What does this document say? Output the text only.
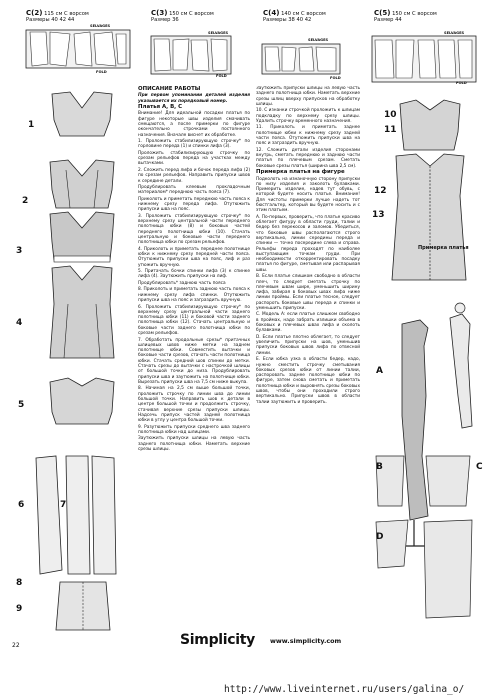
C(2) 115 см С ворсом
Размеры 40 42 44
C(3) 150 см С ворсом
Размер 36
C(4) 140 см С ворсом
Размеры 38 40 42
C(5) 150 см С ворсом
Размер 44
SELVAGES
FOLD
SELVAGES
FOLD
SELVAGES
FOLD
SELVAGES
FOLD
1
2
3
4
5
6	7
8
9
ОПИСАНИЕ РАБОТЫ

При первом упоминании деталей изделия указывается их порядковый номер.

Платья А, B, C

Внимание! Для идеальной посадки платья по фигуре некоторые швы изделия смачивать смещаются, а после примерки по фигуре окончательно строчками постоянного назначения. Вначале виснет их обработке.

1. Проложить стабилизирующую строчку* по горловине переда (1) и спинки лифа (3).

Проложить стабилизирующую строчку по срезам рельефов переда на участках между вытачками.

2. Сложить перед лифа и бочок переда лифа (2) по срезам рельефов. Направить припуски швов к середине детали.

Продублировать клеевым прокладочным материалом* переднюю часть пояса (7).

Приколоть и приметать переднюю часть пояса к нижнему срезу переда лифа. Отутюжить припуски шва на пояс.

3. Проложить стабилизирующую строчку* по верхнему срезу центральной части переднего полотнища юбки (8) и боковых частей переднего полотнища юбки (10). Стачать центральную и боковые части переднего полотнища юбки по срезам рельефов.

4. Приколоть и приметать переднее полотнище юбки к нижнему срезу передней части пояса. Отутюжить припуски шва на пояс, лиф и раз утюжить вручную.

5. Притачать бочки спинки лифа (3) к спинке лифа (4). Заутюжить припуски на лиф.

Продублировать* заднюю часть пояса

8. Приколоть и приметать заднюю часть пояса к нижнему срезу лифа спинки. Отутюжить припуски шва на пояс и заграздить вручную.

6. Проложить стабилизирующую строчку* по верхнему срезу центральной части заднего полотнища юбки (11) и боковой части заднего полотнища юбки (12). Стачать центральную и боковые части заднего полотнища юбки по срезам рельефов.

7. Обработать продольные срезы* притачных шлицевых швов ниже метки на заднем полотнище юбки. Совместить вытачки и боковые части срезов, стачать части полотнища юбки. Стачать средний шов спинки до метки. Стачать срезы до вытачки с настрочкой шлицы от большой точки до низа. Продублировать припуски шва и заутюжить на полотнище юбки. Вырезать припуски шва на 7,5 см ниже выкупа.

8. Начиная на 2,5 см выше большой точки, проложить строчку по линии шва до линии большой точки. Направить шов к детали в центре большой точки и продолжить строчку, стачивая верхние срезы припуски шлицы. Надсечь припуск частей задней полотнища юбки в углу у центра большой точки.

9. Разутюжить припуски среднего шва заднего полотнища юбки над шлицами.

Заутюжить припуски шлицы на левую часть заднего полотнища юбки. Наметать верхние срезы шлицы.

Заутюжить припуски шлицы на левую часть заднего полотнища юбки. Наметать верхние срезы шлиц вверху припусков на обработку шлицы.

10. С изнанки строчкой проложить к шлицам подкладку по верхнему срезу шлицы. Удалить строчку временного назначения.

11. Приколоть и приметать заднее полотнище юбки к нижнему срезу задней части пояса. Отутюжить припуски шва на пояс и заграздить вручную.

12. Сложить детали изделия сторонами внутрь, сметать переднюю и заднюю части платья по плечевым срезам. Сметать боковые срезы платья (ширина шва 2,5 см).

Примерка платья на фигуре

Подколоть на изнаночную сторону припуски по низу изделия и заколоть булавками. Примерить изделие, надев тут обувь, с которой будете носить платье. Внимание! Для чистоты примерки лучше надеть тот бюстгальтер, который вы будете носить и с этим платьем.

А. По-первых, проверить, что платье красиво облегает фигуру в области груди, талии и бедер без перекосов и заломов. Убедиться, что боковые швы располагаются строго вертикально, линии середины переда и спинки — точно посередине слева и справа. Рельефы переда проходят по наиболее выступающим точкам груди. При необходимости откорректировать посадку платья по фигуре, сметывая или распарывая швы.

B. Если платье слишком свободно в области плеч, то следует сметать строчку по плечевым швам шире, уменьшить ширину лифа, забирая в боковых швах лифа ниже линии проймы. Если платье тесное, следует распороть боковые швы переда и спинки и уменьшить припуски.

C. Модель А: если платье слишком свободно в проймах, надо забрать излишки объема в боковых и плечевых швах лифа и сколоть булавками.

D. Если платье плотно облегает, то следует увеличить припуски на шов, уменьшив припуски боковых швов лифа по отвесной линии.

E. Если юбка узка в области бедер, надо, нужно сместить строчку сметывания боковых срезов юбки от линии талии, распоровать заднее полотнище юбки по фигуре, затем снова сметать и приметать полотнища юбки и выровнять срезы боковых швов, чтобы они проходили строго вертикально. Припуски швов в области талии заутюжить и проверить.

10
11
12
13
Примерка платья
А
B	C
D
22	Simplicity www.simplicity.com
http://www.liveinternet.ru/users/galina_o/
